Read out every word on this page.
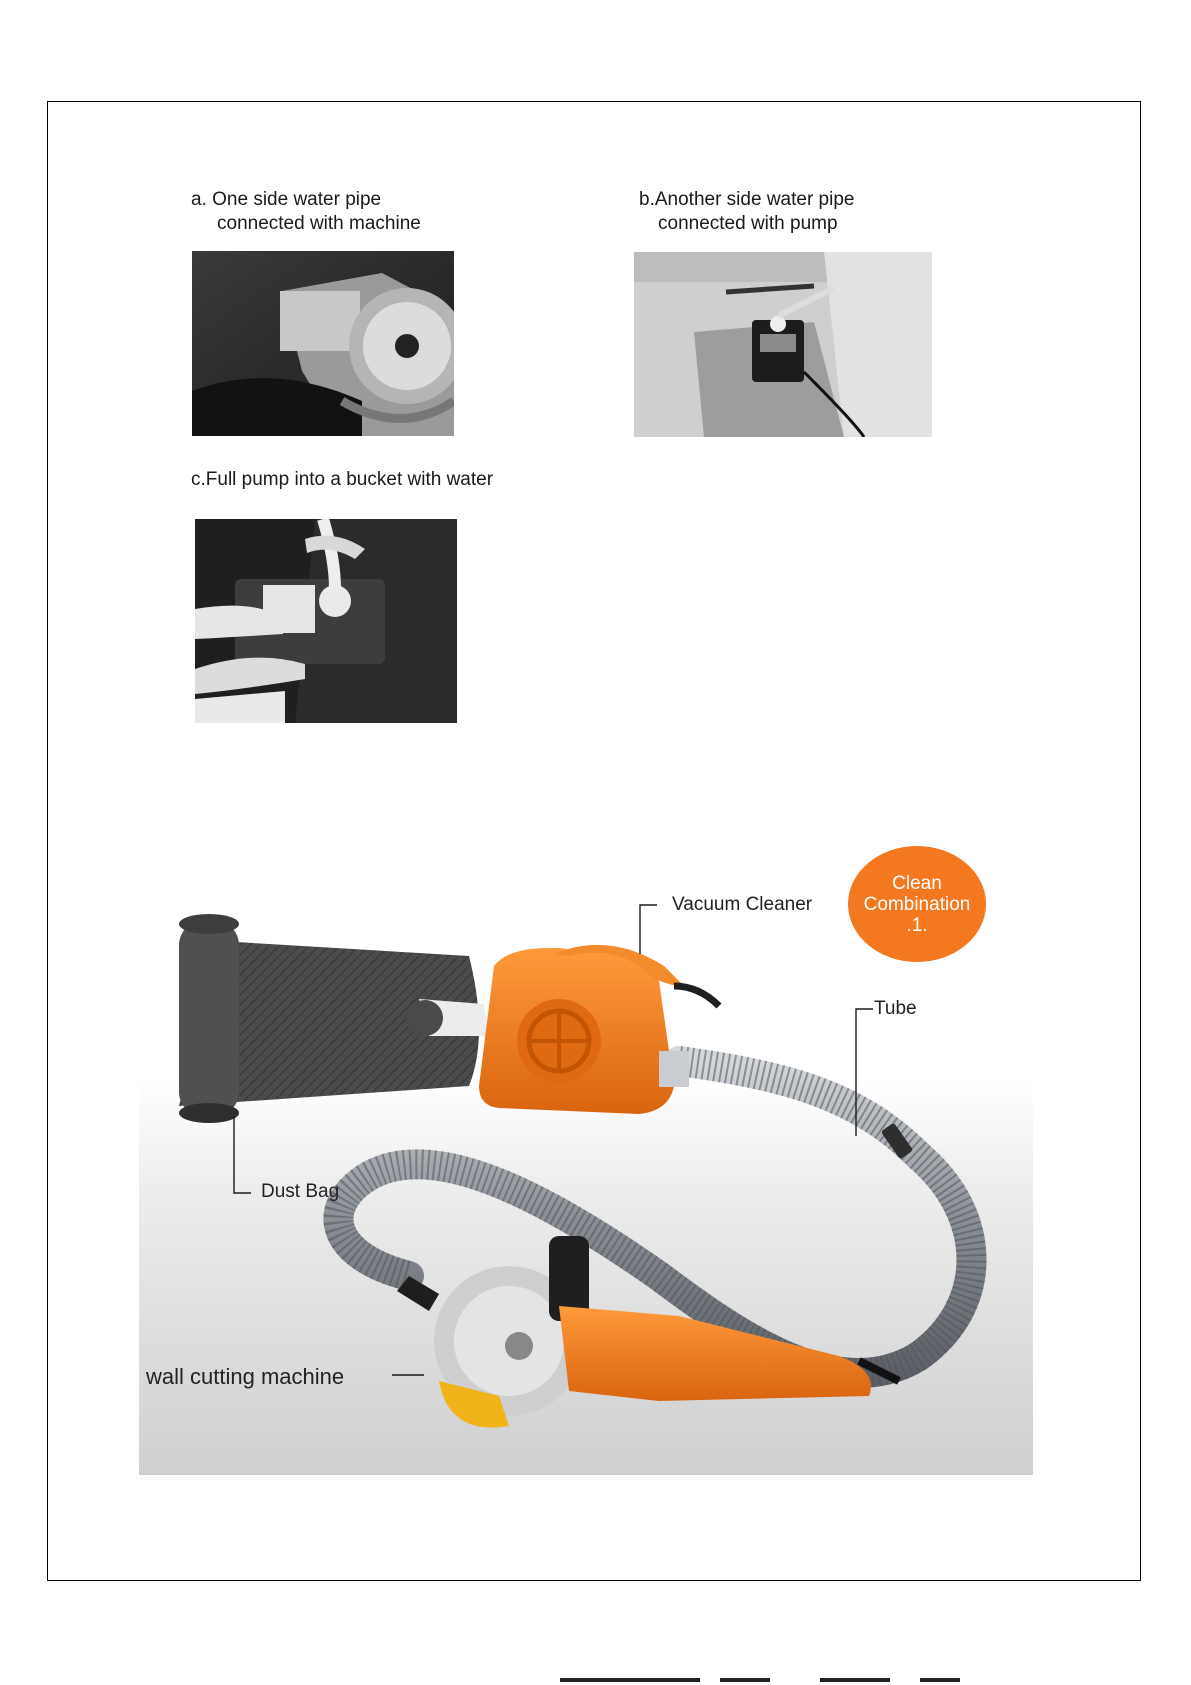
a. One side water pipe
connected with machine
b.Another side water pipe
connected with pump
c.Full pump into a bucket with water
Vacuum Cleaner
Tube
Dust Bag
wall cutting machine
Clean
Combination
.1.
